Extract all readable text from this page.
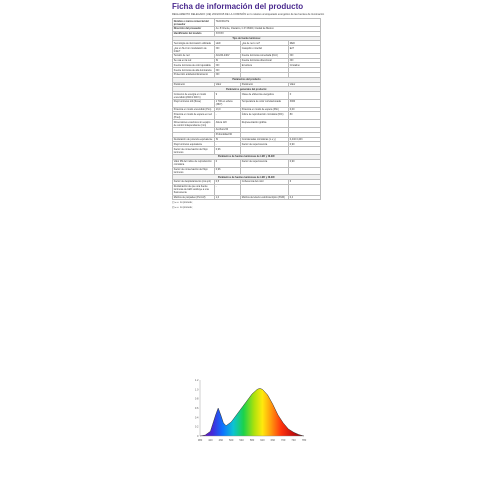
Ficha de información del producto
REGLAMENTO DELEGADO (UE) 2019/2015 DE LA COMISIÓN en lo relativo al etiquetado energético de las fuentes de iluminación
Nombre o marca comercial del proveedor	TECNOLITE		
Dirección del proveedor	Av. 8 Oriente, Iztacalco, C.P. 08400, Ciudad de México		
Identificador del modelo	XXXXX		
Tipo de fuente luminosa:			
Tecnología de iluminación utilizada	LED	¿Es de red o no?	RED
¿Es un SLU sin modulación de brillo?	NO	Casquillo o interfaz	E27
Tensión de red	AC220-240V	Fuente luminosa conectada (FLC)	NO
Se usa en la red	SÍ	Fuente luminosa direccional	NO
Fuente luminosa de color ajustable	NO	Envoltura	Cristalino
Fuente luminosa de alta luminancia	NO		
Protección antideslumbramiento	NO		
Parámetros del producto			
Parámetro	Valor	Parámetro	Valor
Parámetros generales del producto:			
Consumo de energía en modo encendido (kWh/1 000 h)	9	Clase de eficiencia energética	F
Flujo luminoso útil (Φuse)	1 700 en esfera (360°)	Temperatura de color correlacionada	3000
Potencia en modo encendido (Pon)	13,0	Potencia en modo de espera (Psb)	0,00
Potencia en modo de espera en red (Pnet)	-	Índice de reproducción cromática (IRC)	80
Dimensiones exteriores sin equipo de control independiente (mm)	Altura 120	Representación gráfica	
	Anchura 60		
	Profundidad 60		
Declaración de potencia equivalente	SÍ	Coordenadas cromáticas (x e y)	0,440 0,403
Flujo luminoso equivalente	-	Factor de supervivencia	0,90
Factor de conservación del flujo luminoso	0,96		
Parámetros de fuentes luminosas de LED y OLED:			
Valor R9 del índice de reproducción cromática	0	Factor de supervivencia	0,90
Factor de conservación del flujo luminoso	0,96		
Parámetros de fuentes luminosas de LED y OLED:			
Factor de desplazamiento (cos φ1)	0,5	Coherencia del color	6
Reclamación de que una fuente luminosa de LED sustituye a una fluorescente	-		
Métrica de parpadeo (Pst LM)	1,0	Métrica del efecto estroboscópico (SVM)	0,4
(¹) «-»: no procede;
(²) «-»: no procede;
1.2
1.0
0.8
0.6
0.4
0.2
0
380 420 460 500 540 580 620 660 700 740 780
